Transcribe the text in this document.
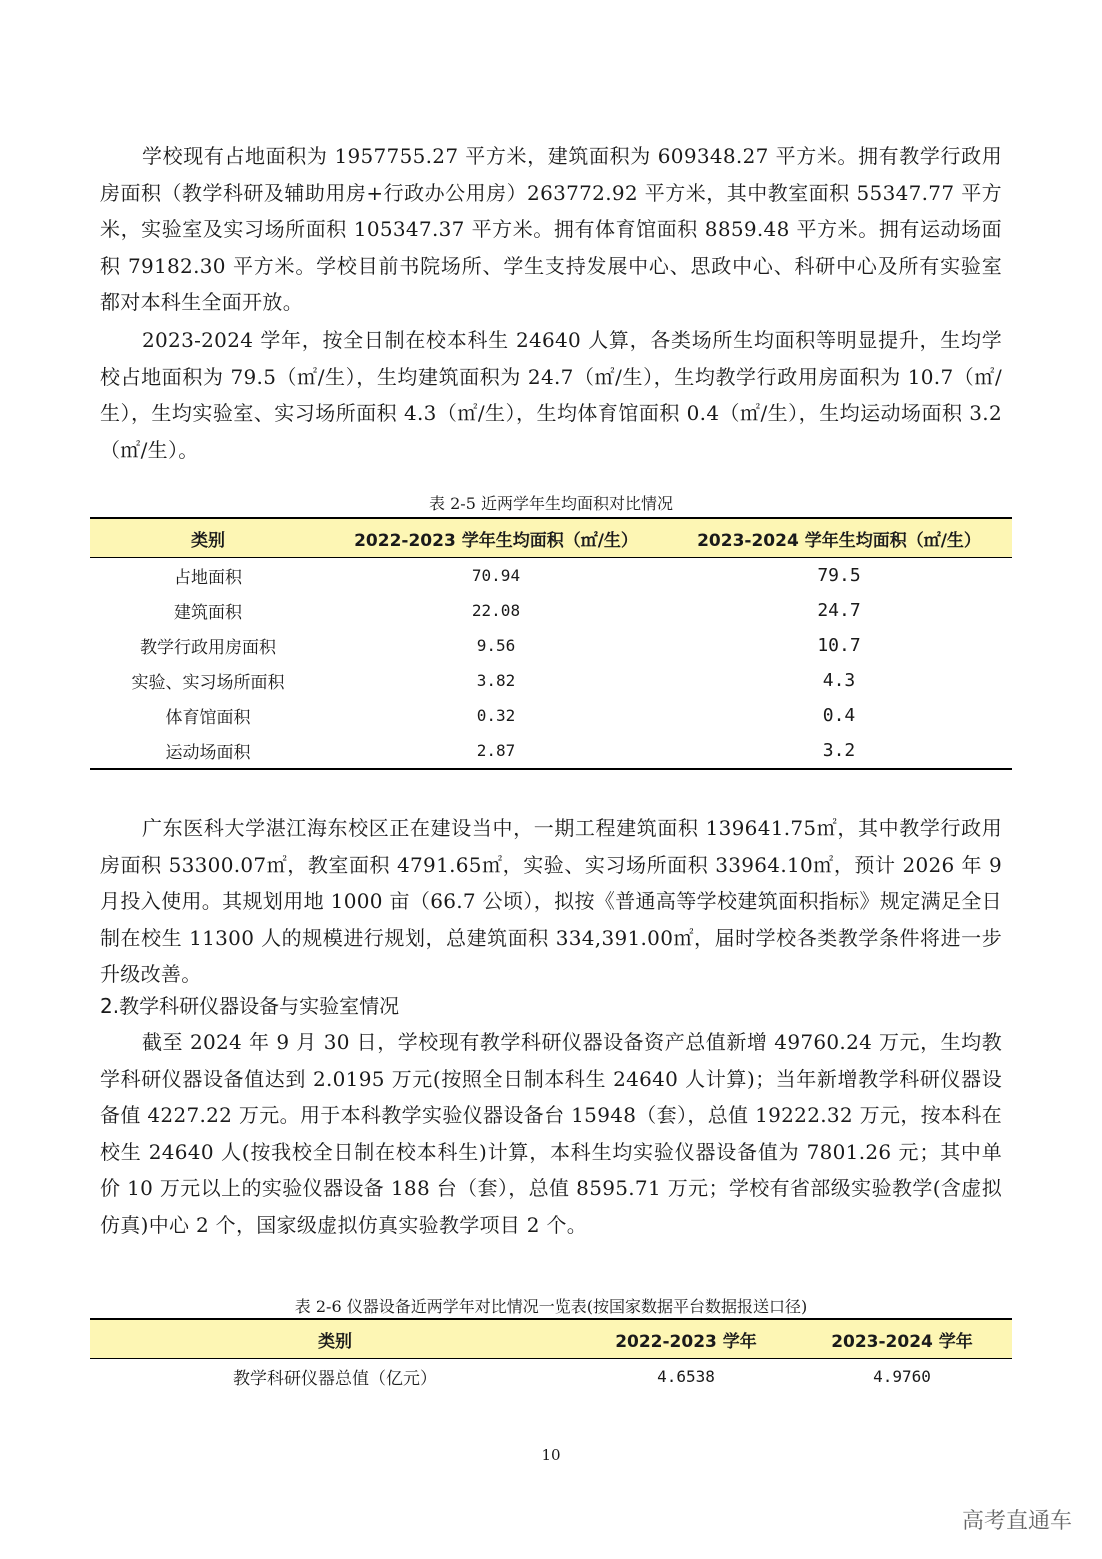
学校现有占地面积为 1957755.27 平方米，建筑面积为 609348.27 平方米。拥有教学行政用房面积（教学科研及辅助用房+行政办公用房）263772.92 平方米，其中教室面积 55347.77 平方米，实验室及实习场所面积 105347.37 平方米。拥有体育馆面积 8859.48 平方米。拥有运动场面积 79182.30 平方米。学校目前书院场所、学生支持发展中心、思政中心、科研中心及所有实验室都对本科生全面开放。

2023-2024 学年，按全日制在校本科生 24640 人算，各类场所生均面积等明显提升，生均学校占地面积为 79.5（㎡/生），生均建筑面积为 24.7（㎡/生），生均教学行政用房面积为 10.7（㎡/生），生均实验室、实习场所面积 4.3（㎡/生），生均体育馆面积 0.4（㎡/生），生均运动场面积 3.2（㎡/生）。

表 2-5 近两学年生均面积对比情况

类别	2022-2023 学年生均面积（㎡/生）	2023-2024 学年生均面积（㎡/生）
占地面积	70.94	79.5
建筑面积	22.08	24.7
教学行政用房面积	9.56	10.7
实验、实习场所面积	3.82	4.3
体育馆面积	0.32	0.4
运动场面积	2.87	3.2

广东医科大学湛江海东校区正在建设当中，一期工程建筑面积 139641.75㎡，其中教学行政用房面积 53300.07㎡，教室面积 4791.65㎡，实验、实习场所面积 33964.10㎡，预计 2026 年 9 月投入使用。其规划用地 1000 亩（66.7 公顷），拟按《普通高等学校建筑面积指标》规定满足全日制在校生 11300 人的规模进行规划，总建筑面积 334,391.00㎡，届时学校各类教学条件将进一步升级改善。

2.教学科研仪器设备与实验室情况

截至 2024 年 9 月 30 日，学校现有教学科研仪器设备资产总值新增 49760.24 万元，生均教学科研仪器设备值达到 2.0195 万元(按照全日制本科生 24640 人计算)；当年新增教学科研仪器设备值 4227.22 万元。用于本科教学实验仪器设备台 15948（套），总值 19222.32 万元，按本科在校生 24640 人(按我校全日制在校本科生)计算，本科生均实验仪器设备值为 7801.26 元；其中单价 10 万元以上的实验仪器设备 188 台（套），总值 8595.71 万元；学校有省部级实验教学(含虚拟仿真)中心 2 个，国家级虚拟仿真实验教学项目 2 个。

表 2-6 仪器设备近两学年对比情况一览表(按国家数据平台数据报送口径)

类别	2022-2023 学年	2023-2024 学年
教学科研仪器总值（亿元）	4.6538	4.9760
10
高考直通车
